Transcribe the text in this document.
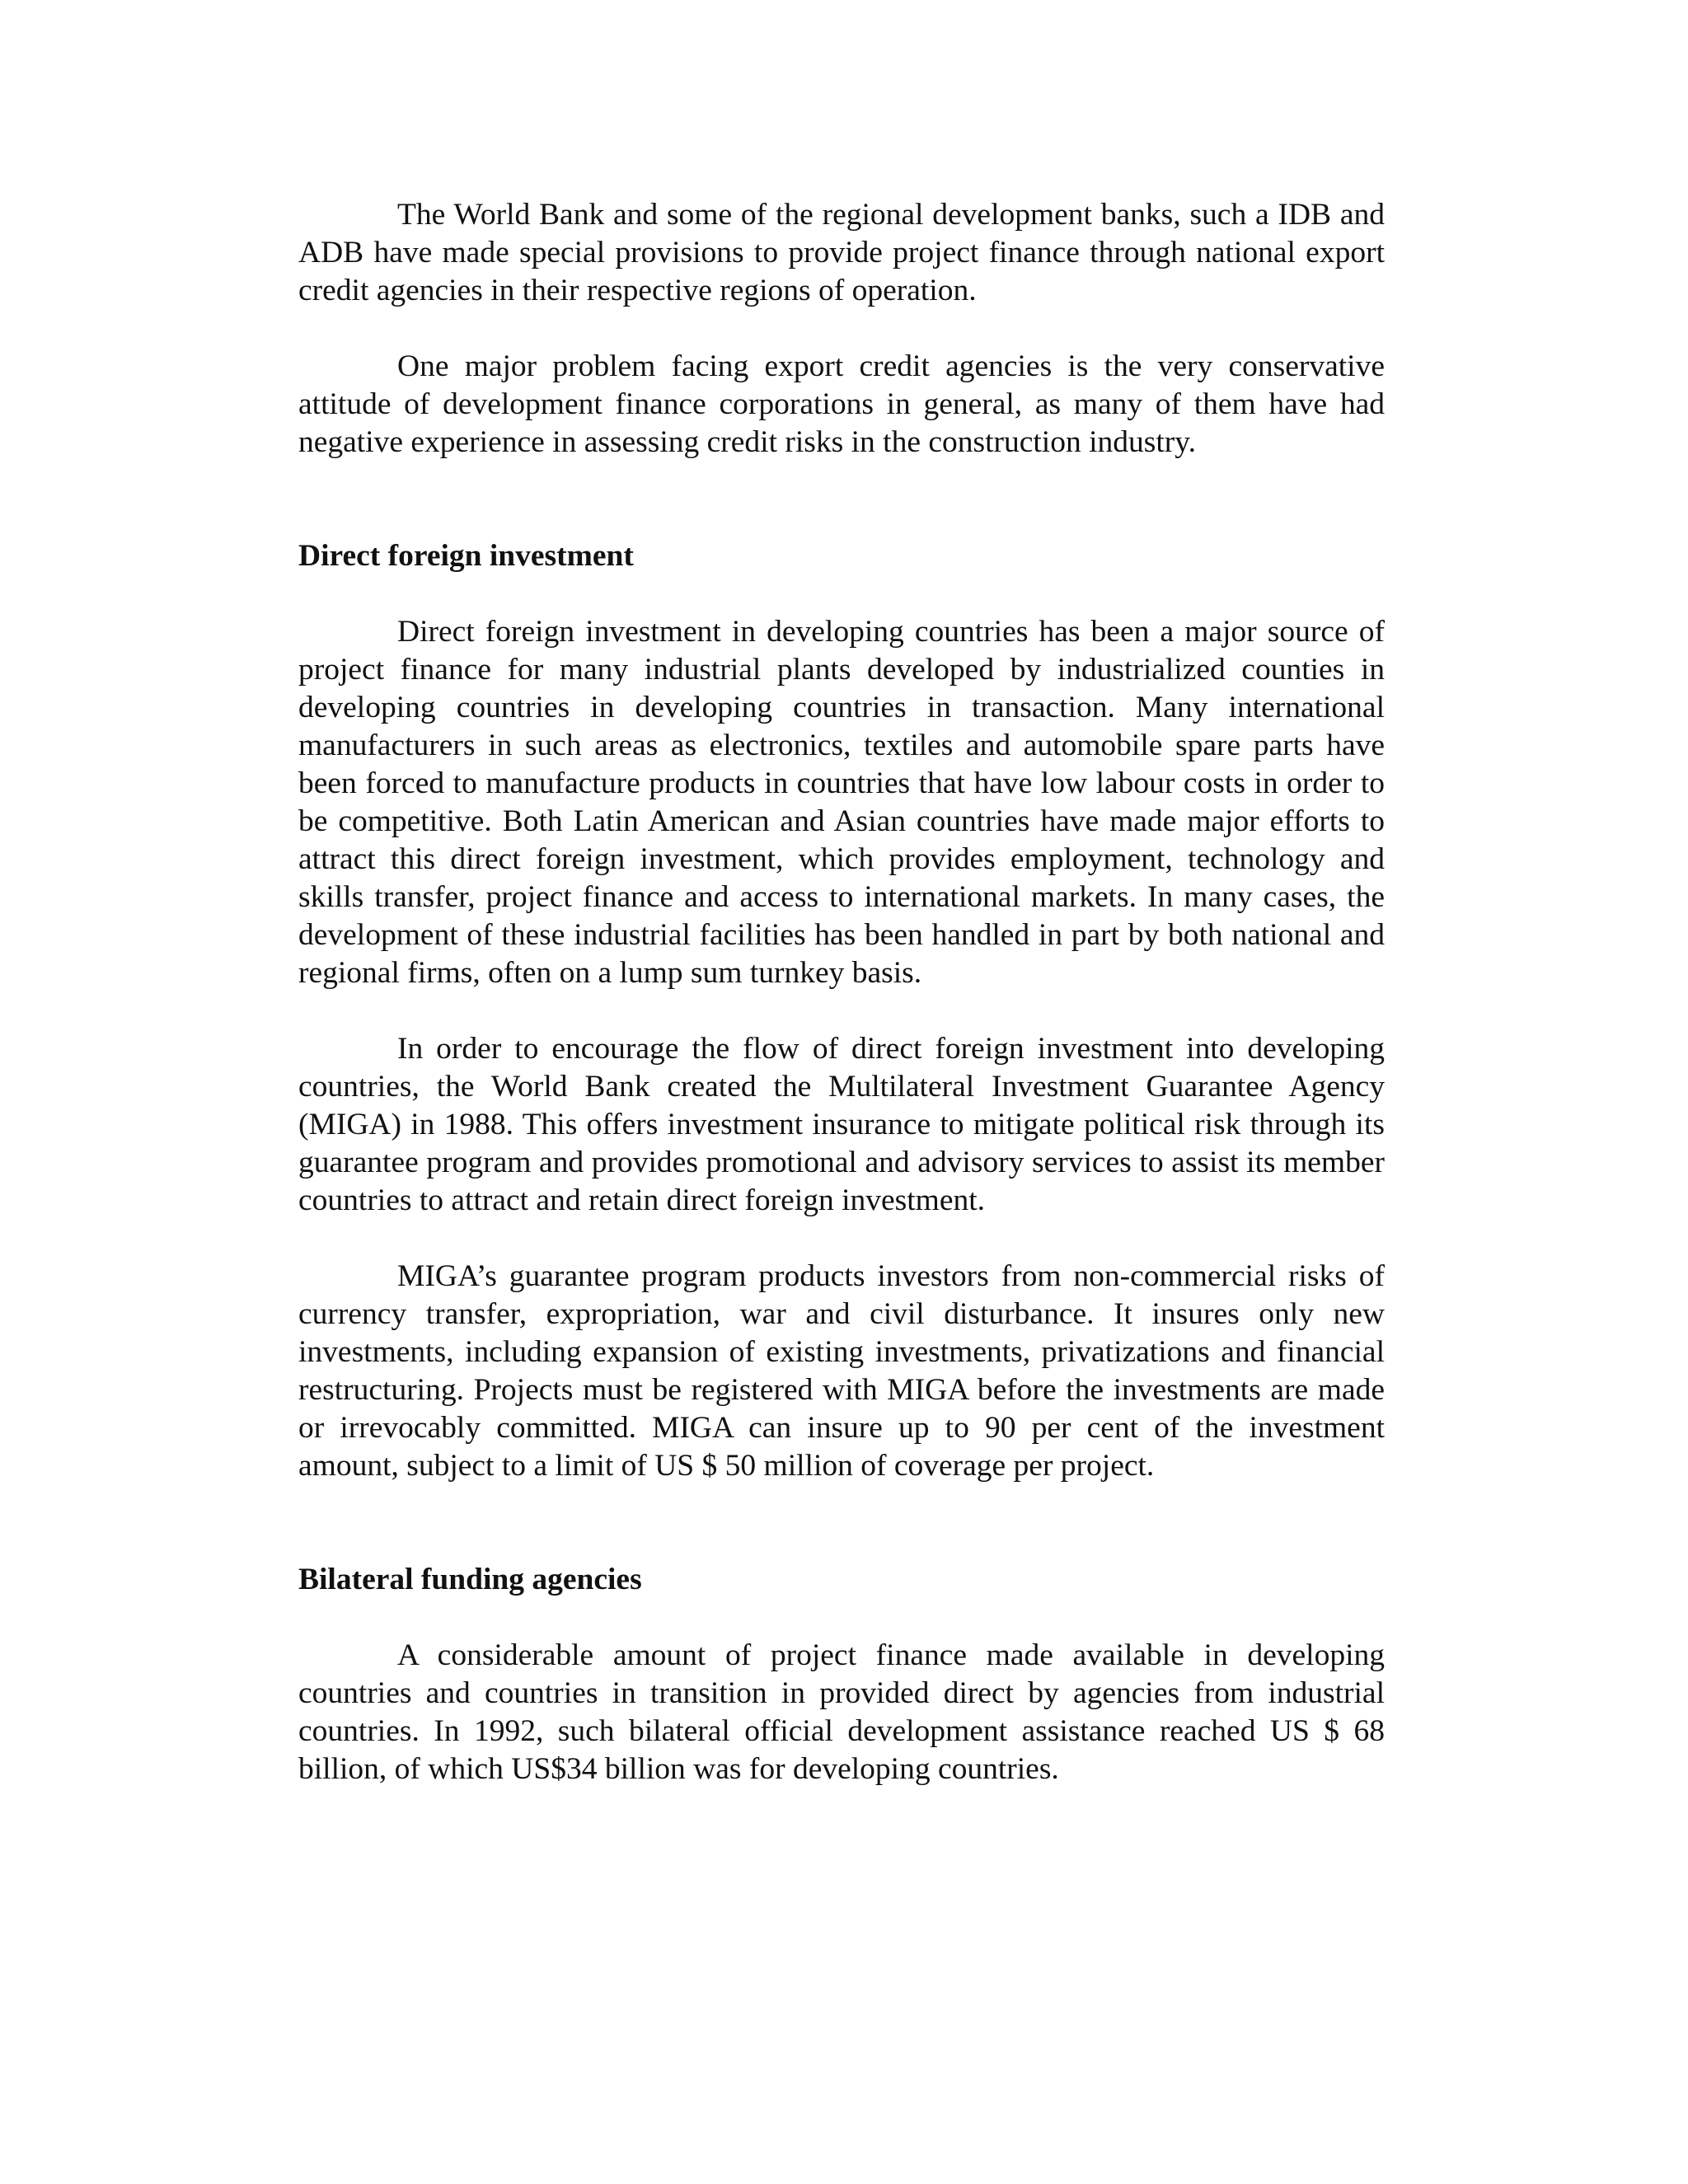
The World Bank and some of the regional development banks, such a IDB and ADB have made special provisions to provide project finance through national export credit agencies in their respective regions of operation.

One major problem facing export credit agencies is the very conservative attitude of development finance corporations in general, as many of them have had negative experience in assessing credit risks in the construction industry.

Direct foreign investment

Direct foreign investment in developing countries has been a major source of project finance for many industrial plants developed by industrialized counties in developing countries in developing countries in transaction. Many international manufacturers in such areas as electronics, textiles and automobile spare parts have been forced to manufacture products in countries that have low labour costs in order to be competitive. Both Latin American and Asian countries have made major efforts to attract this direct foreign investment, which provides employment, technology and skills transfer, project finance and access to international markets. In many cases, the development of these industrial facilities has been handled in part by both national and regional firms, often on a lump sum turnkey basis.

In order to encourage the flow of direct foreign investment into developing countries, the World Bank created the Multilateral Investment Guarantee Agency (MIGA) in 1988. This offers investment insurance to mitigate political risk through its guarantee program and provides promotional and advisory services to assist its member countries to attract and retain direct foreign investment.

MIGA’s guarantee program products investors from non-commercial risks of currency transfer, expropriation, war and civil disturbance. It insures only new investments, including expansion of existing investments, privatizations and financial restructuring. Projects must be registered with MIGA before the investments are made or irrevocably committed. MIGA can insure up to 90 per cent of the investment amount, subject to a limit of US $ 50 million of coverage per project.

Bilateral funding agencies

A considerable amount of project finance made available in developing countries and countries in transition in provided direct by agencies from industrial countries. In 1992, such bilateral official development assistance reached US $ 68 billion, of which US$34 billion was for developing countries.
